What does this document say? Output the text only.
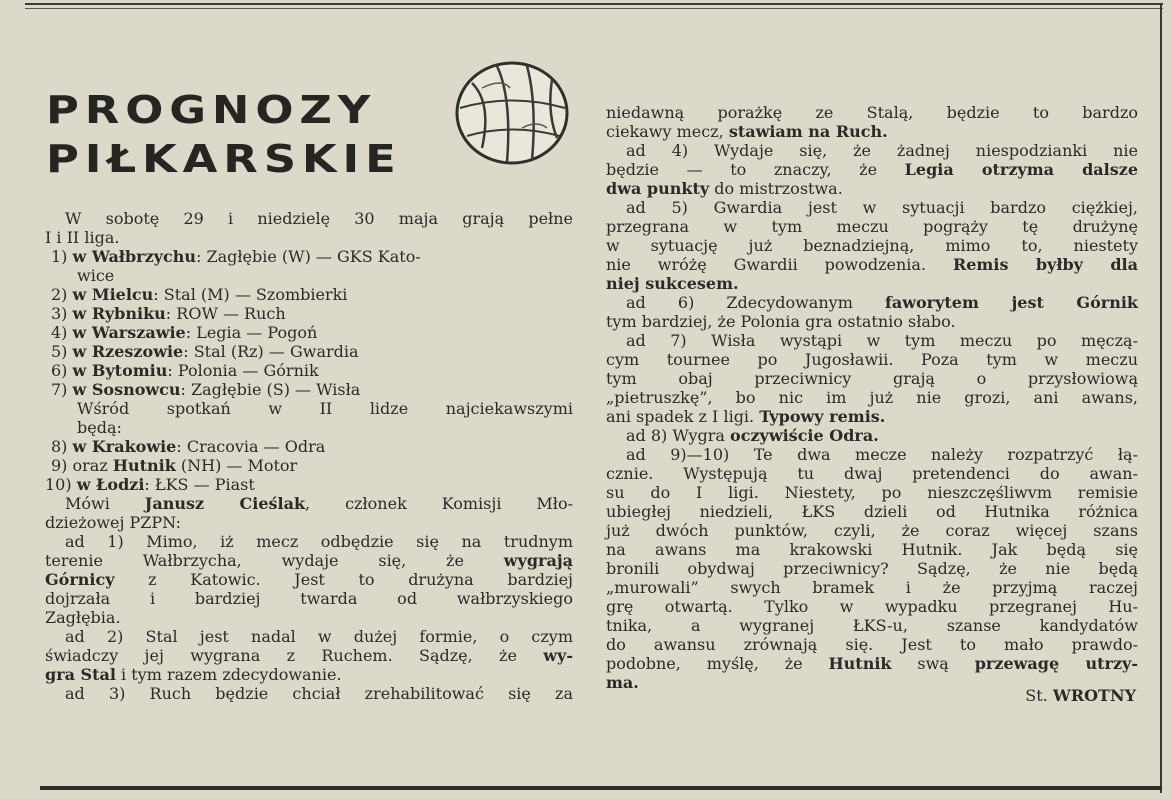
PROGNOZY
PIŁKARSKIE
W sobotę 29 i niedzielę 30 maja grają pełne
I i II liga.
1) w Wałbrzychu: Zagłębie (W) — GKS Kato-
wice
2) w Mielcu: Stal (M) — Szombierki
3) w Rybniku: ROW — Ruch
4) w Warszawie: Legia — Pogoń
5) w Rzeszowie: Stal (Rz) — Gwardia
6) w Bytomiu: Polonia — Górnik
7) w Sosnowcu: Zagłębie (S) — Wisła
Wśród spotkań w II lidze najciekawszymi
będą:
8) w Krakowie: Cracovia — Odra
9) oraz Hutnik (NH) — Motor
10) w Łodzi: ŁKS — Piast
Mówi Janusz Cieślak, członek Komisji Mło-
dzieżowej PZPN:
ad 1) Mimo, iż mecz odbędzie się na trudnym
terenie Wałbrzycha, wydaje się, że wygrają
Górnicy z Katowic. Jest to drużyna bardziej
dojrzała i bardziej twarda od wałbrzyskiego
Zagłębia.
ad 2) Stal jest nadal w dużej formie, o czym
świadczy jej wygrana z Ruchem. Sądzę, że wy-
gra Stal i tym razem zdecydowanie.
ad 3) Ruch będzie chciał zrehabilitować się za
niedawną porażkę ze Stalą, będzie to bardzo
ciekawy mecz, stawiam na Ruch.
ad 4) Wydaje się, że żadnej niespodzianki nie
będzie — to znaczy, że Legia otrzyma dalsze
dwa punkty do mistrzostwa.
ad 5) Gwardia jest w sytuacji bardzo ciężkiej,
przegrana w tym meczu pogrąży tę drużynę
w sytuację już beznadziejną, mimo to, niestety
nie wróżę Gwardii powodzenia. Remis byłby dla
niej sukcesem.
ad 6) Zdecydowanym faworytem jest Górnik
tym bardziej, że Polonia gra ostatnio słabo.
ad 7) Wisła wystąpi w tym meczu po męczą-
cym tournee po Jugosławii. Poza tym w meczu
tym obaj przeciwnicy grają o przysłowiową
„pietruszkę”, bo nic im już nie grozi, ani awans,
ani spadek z I ligi. Typowy remis.
ad 8) Wygra oczywiście Odra.
ad 9)—10) Te dwa mecze należy rozpatrzyć łą-
cznie. Występują tu dwaj pretendenci do awan-
su do I ligi. Niestety, po nieszczęśliwvm remisie
ubiegłej niedzieli, ŁKS dzieli od Hutnika różnica
już dwóch punktów, czyli, że coraz więcej szans
na awans ma krakowski Hutnik. Jak będą się
bronili obydwaj przeciwnicy? Sądzę, że nie będą
„murowali” swych bramek i że przyjmą raczej
grę otwartą. Tylko w wypadku przegranej Hu-
tnika, a wygranej ŁKS-u, szanse kandydatów
do awansu zrównają się. Jest to mało prawdo-
podobne, myślę, że Hutnik swą przewagę utrzy-
ma.
St. WROTNY
